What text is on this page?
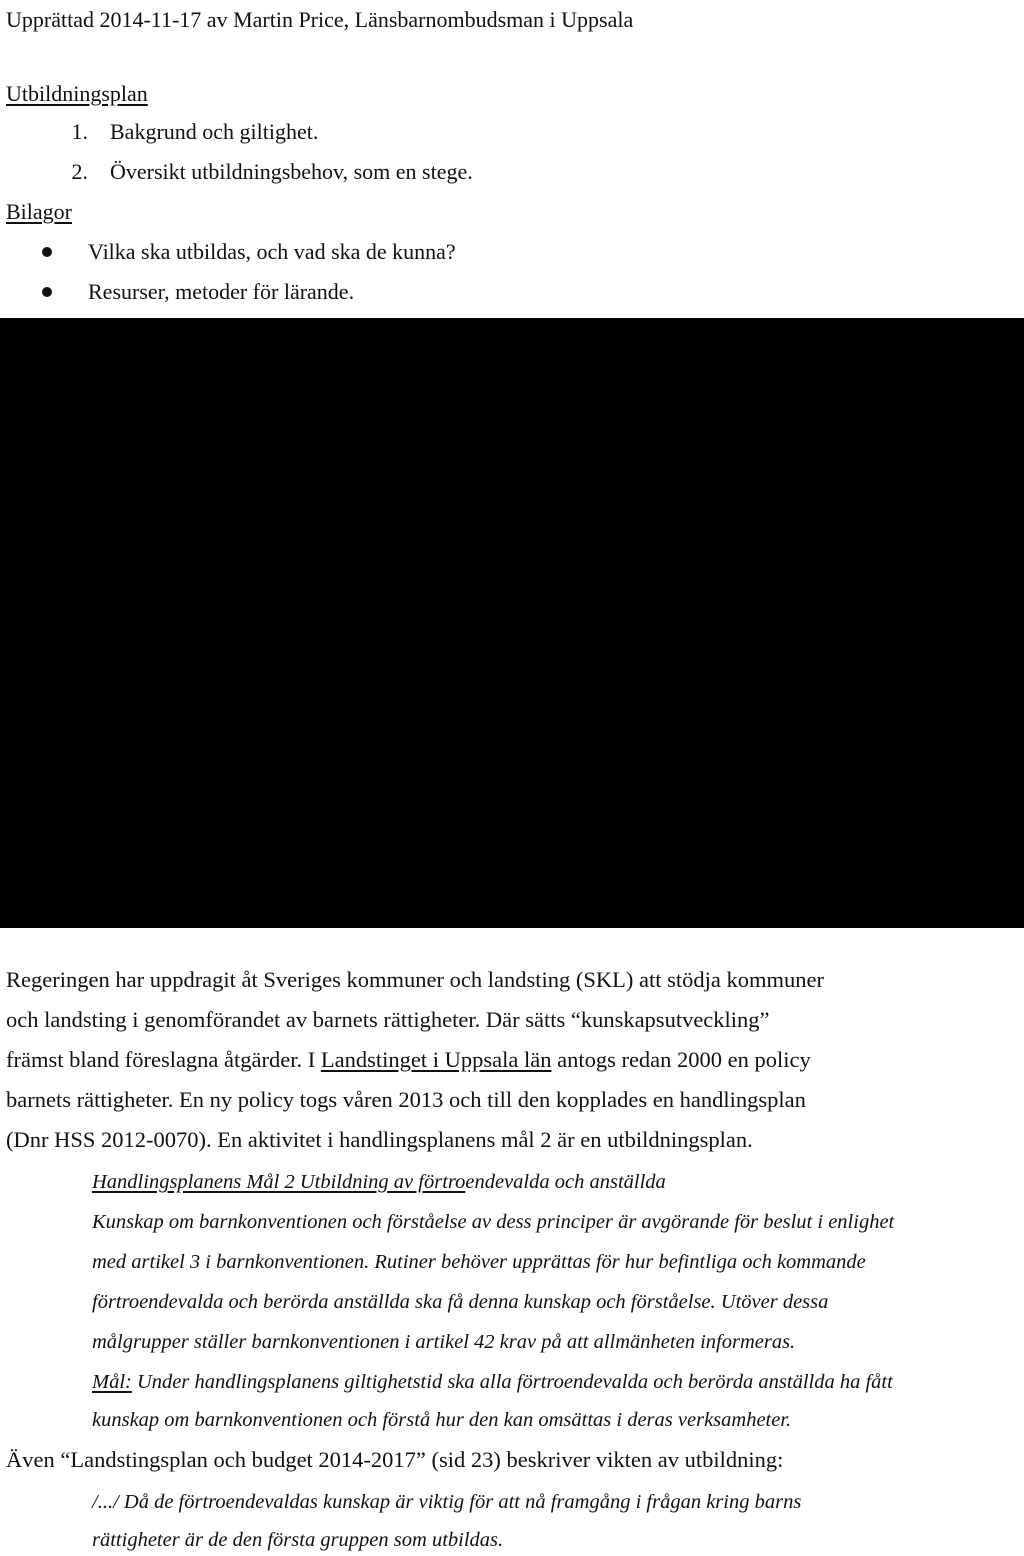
Upprättad 2014-11-17 av Martin Price, Länsbarnombudsman i Uppsala
Utbildningsplan
1. Bakgrund och giltighet.
2. Översikt utbildningsbehov, som en stege.
Bilagor
Vilka ska utbildas, och vad ska de kunna?
Resurser, metoder för lärande.
Regeringen har uppdragit åt Sveriges kommuner och landsting (SKL) att stödja kommuner
och landsting i genomförandet av barnets rättigheter. Där sätts “kunskapsutveckling”
främst bland föreslagna åtgärder. I Landstinget i Uppsala län antogs redan 2000 en policy
barnets rättigheter. En ny policy togs våren 2013 och till den kopplades en handlingsplan
(Dnr HSS 2012-0070). En aktivitet i handlingsplanens mål 2 är en utbildningsplan.
Handlingsplanens Mål 2 Utbildning av förtroendevalda och anställda
Kunskap om barnkonventionen och förståelse av dess principer är avgörande för beslut i enlighet
med artikel 3 i barnkonventionen. Rutiner behöver upprättas för hur befintliga och kommande
förtroendevalda och berörda anställda ska få denna kunskap och förståelse. Utöver dessa
målgrupper ställer barnkonventionen i artikel 42 krav på att allmänheten informeras.
Mål: Under handlingsplanens giltighetstid ska alla förtroendevalda och berörda anställda ha fått
kunskap om barnkonventionen och förstå hur den kan omsättas i deras verksamheter.
Även “Landstingsplan och budget 2014-2017” (sid 23) beskriver vikten av utbildning:
/.../ Då de förtroendevaldas kunskap är viktig för att nå framgång i frågan kring barns
rättigheter är de den första gruppen som utbildas.
